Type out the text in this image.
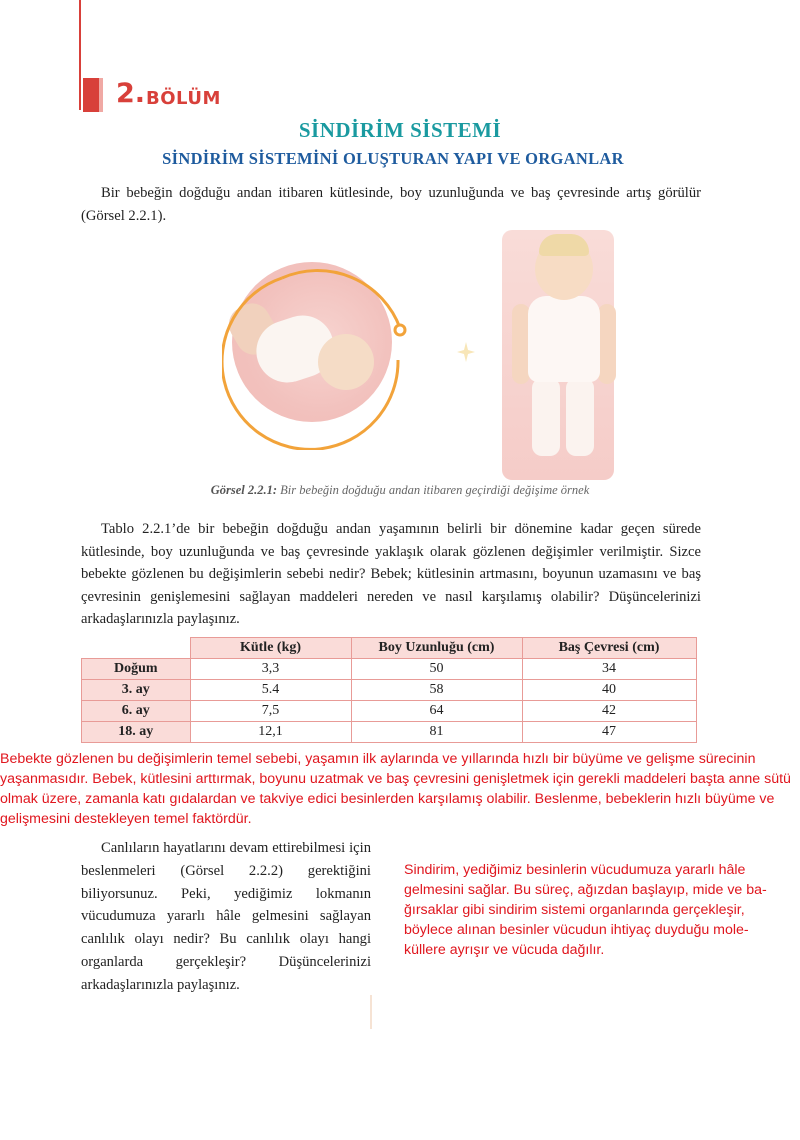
2. BÖLÜM
SİNDİRİM SİSTEMİ
SİNDİRİM SİSTEMİNİ OLUŞTURAN YAPI VE ORGANLAR
Bir bebeğin doğduğu andan itibaren kütlesinde, boy uzunluğunda ve baş çevresinde artış görülür (Görsel 2.2.1).
Görsel 2.2.1: Bir bebeğin doğduğu andan itibaren geçirdiği değişime örnek
Tablo 2.2.1’de bir bebeğin doğduğu andan yaşamının belirli bir dönemine kadar geçen sürede kütlesinde, boy uzunluğunda ve baş çevresinde yaklaşık olarak gözlenen değişimler verilmiştir. Sizce bebekte gözlenen bu değişimlerin sebebi nedir? Bebek; kütlesinin artmasını, boyunun uzamasını ve baş çevresinin genişlemesini sağlayan maddeleri nereden ve nasıl karşılamış olabilir? Düşüncelerinizi arkadaşlarınızla paylaşınız.
	Kütle (kg)	Boy Uzunluğu (cm)	Baş Çevresi (cm)
Doğum	3,3	50	34
3. ay	5.4	58	40
6. ay	7,5	64	42
18. ay	12,1	81	47
Bebekte gözlenen bu değişimlerin temel sebebi, yaşamın ilk aylarında ve yıllarında hızlı bir büyüme ve gelişme sürecinin
yaşanmasıdır. Bebek, kütlesini arttırmak, boyunu uzatmak ve baş çevresini genişletmek için gerekli maddeleri başta anne sütü
olmak üzere, zamanla katı gıdalardan ve takviye edici besinlerden karşılamış olabilir. Beslenme, bebeklerin hızlı büyüme ve
gelişmesini destekleyen temel faktördür.
Canlıların hayatlarını devam ettirebilmesi için beslenmeleri (Görsel 2.2.2) gerektiğini biliyorsunuz. Peki, yediğimiz lokmanın vücudumuza yararlı hâle gelmesini sağlayan canlılık olayı nedir? Bu canlılık olayı hangi organlarda gerçekleşir? Düşüncelerinizi arkadaşlarınızla paylaşınız.
Sindirim, yediğimiz besinlerin vücudumuza yararlı hâle
gelmesini sağlar. Bu süreç, ağızdan başlayıp, mide ve ba-
ğırsaklar gibi sindirim sistemi organlarında gerçekleşir,
böylece alınan besinler vücudun ihtiyaç duyduğu mole-
küllere ayrışır ve vücuda dağılır.
